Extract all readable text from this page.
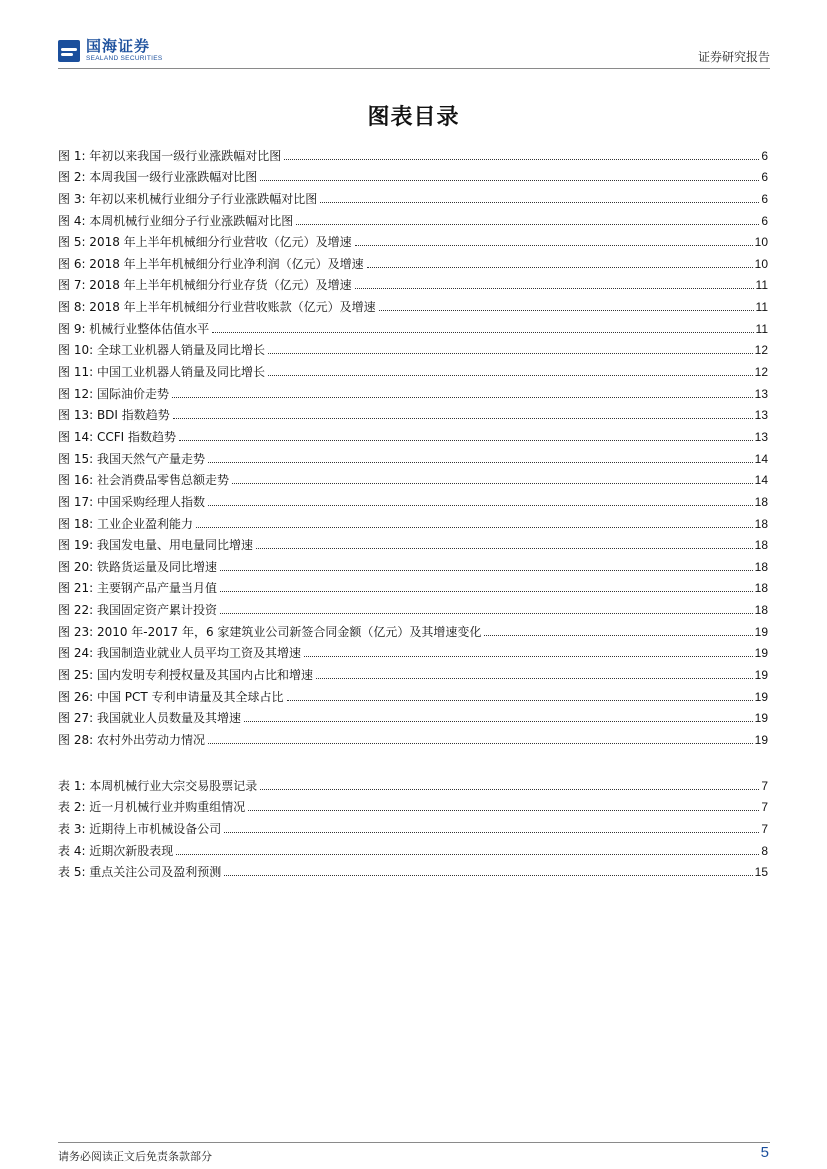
国海证券
SEALAND SECURITIES	证券研究报告
图表目录
图 1: 年初以来我国一级行业涨跌幅对比图	6
图 2: 本周我国一级行业涨跌幅对比图	6
图 3: 年初以来机械行业细分子行业涨跌幅对比图	6
图 4: 本周机械行业细分子行业涨跌幅对比图	6
图 5: 2018 年上半年机械细分行业营收（亿元）及增速	10
图 6: 2018 年上半年机械细分行业净利润（亿元）及增速	10
图 7: 2018 年上半年机械细分行业存货（亿元）及增速	11
图 8: 2018 年上半年机械细分行业营收账款（亿元）及增速	11
图 9: 机械行业整体估值水平	11
图 10: 全球工业机器人销量及同比增长	12
图 11: 中国工业机器人销量及同比增长	12
图 12: 国际油价走势	13
图 13: BDI 指数趋势	13
图 14: CCFI 指数趋势	13
图 15: 我国天然气产量走势	14
图 16: 社会消费品零售总额走势	14
图 17: 中国采购经理人指数	18
图 18: 工业企业盈利能力	18
图 19: 我国发电量、用电量同比增速	18
图 20: 铁路货运量及同比增速	18
图 21: 主要钢产品产量当月值	18
图 22: 我国固定资产累计投资	18
图 23: 2010 年-2017 年，6 家建筑业公司新签合同金额（亿元）及其增速变化	19
图 24: 我国制造业就业人员平均工资及其增速	19
图 25: 国内发明专利授权量及其国内占比和增速	19
图 26: 中国 PCT 专利申请量及其全球占比	19
图 27: 我国就业人员数量及其增速	19
图 28: 农村外出劳动力情况	19
表 1: 本周机械行业大宗交易股票记录	7
表 2: 近一月机械行业并购重组情况	7
表 3: 近期待上市机械设备公司	7
表 4: 近期次新股表现	8
表 5: 重点关注公司及盈利预测	15
请务必阅读正文后免责条款部分	5
